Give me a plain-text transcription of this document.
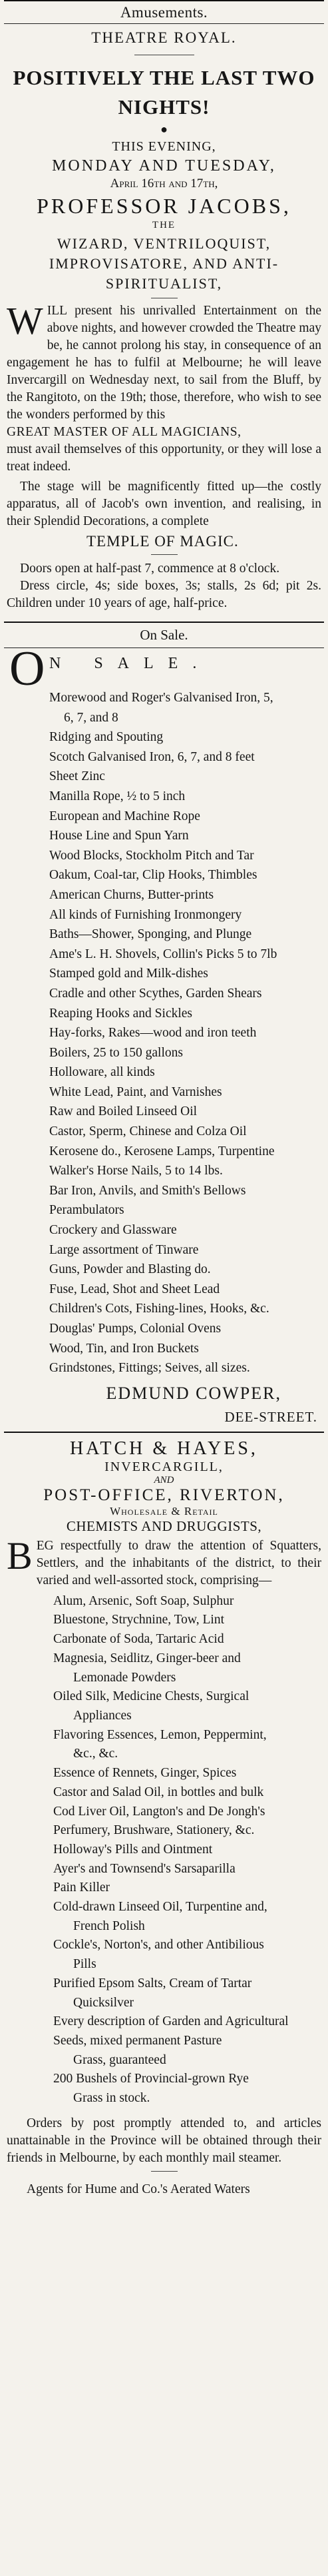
Amusements.
THEATRE ROYAL.
POSITIVELY THE LAST TWO
NIGHTS!
●
THIS EVENING,
MONDAY AND TUESDAY,
April 16th and 17th,
PROFESSOR JACOBS,
THE
WIZARD, VENTRILOQUIST,
IMPROVISATORE, AND ANTI-
SPIRITUALIST,
W ILL present his unrivalled Entertainment on the above nights, and however crowded the Theatre may be, he cannot prolong his stay, in consequence of an engagement he has to fulfil at Melbourne; he will leave Invercargill on Wednesday next, to sail from the Bluff, by the Rangitoto, on the 19th; those, therefore, who wish to see the wonders performed by this
GREAT MASTER OF ALL MAGICIANS,
must avail themselves of this opportunity, or they will lose a treat indeed.

The stage will be magnificently fitted up—the costly apparatus, all of Jacob's own invention, and realising, in their Splendid Decorations, a complete

TEMPLE OF MAGIC.
Doors open at half-past 7, commence at 8 o'clock.
Dress circle, 4s; side boxes, 3s; stalls, 2s 6d; pit 2s. Children under 10 years of age, half-price.
On Sale.
O N SALE.
Morewood and Roger's Galvanised Iron, 5,
6, 7, and 8
Ridging and Spouting
Scotch Galvanised Iron, 6, 7, and 8 feet
Sheet Zinc
Manilla Rope, ½ to 5 inch
European and Machine Rope
House Line and Spun Yarn
Wood Blocks, Stockholm Pitch and Tar
Oakum, Coal-tar, Clip Hooks, Thimbles
American Churns, Butter-prints
All kinds of Furnishing Ironmongery
Baths—Shower, Sponging, and Plunge
Ame's L. H. Shovels, Collin's Picks 5 to 7lb
Stamped gold and Milk-dishes
Cradle and other Scythes, Garden Shears
Reaping Hooks and Sickles
Hay-forks, Rakes—wood and iron teeth
Boilers, 25 to 150 gallons
Holloware, all kinds
White Lead, Paint, and Varnishes
Raw and Boiled Linseed Oil
Castor, Sperm, Chinese and Colza Oil
Kerosene do., Kerosene Lamps, Turpentine
Walker's Horse Nails, 5 to 14 lbs.
Bar Iron, Anvils, and Smith's Bellows
Perambulators
Crockery and Glassware
Large assortment of Tinware
Guns, Powder and Blasting do.
Fuse, Lead, Shot and Sheet Lead
Children's Cots, Fishing-lines, Hooks, &c.
Douglas' Pumps, Colonial Ovens
Wood, Tin, and Iron Buckets
Grindstones, Fittings; Seives, all sizes.
EDMUND COWPER,
DEE-STREET.
HATCH & HAYES,
INVERCARGILL,
AND
POST-OFFICE, RIVERTON,
Wholesale & Retail
CHEMISTS AND DRUGGISTS,
B EG respectfully to draw the attention of Squatters, Settlers, and the inhabitants of the district, to their varied and well-assorted stock, comprising—
Alum, Arsenic, Soft Soap, Sulphur
Bluestone, Strychnine, Tow, Lint
Carbonate of Soda, Tartaric Acid
Magnesia, Seidlitz, Ginger-beer and
Lemonade Powders
Oiled Silk, Medicine Chests, Surgical
Appliances
Flavoring Essences, Lemon, Peppermint,
&c., &c.
Essence of Rennets, Ginger, Spices
Castor and Salad Oil, in bottles and bulk
Cod Liver Oil, Langton's and De Jongh's
Perfumery, Brushware, Stationery, &c.
Holloway's Pills and Ointment
Ayer's and Townsend's Sarsaparilla
Pain Killer
Cold-drawn Linseed Oil, Turpentine and,
French Polish
Cockle's, Norton's, and other Antibilious
Pills
Purified Epsom Salts, Cream of Tartar
Quicksilver
Every description of Garden and Agricultural Seeds, mixed permanent Pasture
Grass, guaranteed
200 Bushels of Provincial-grown Rye
Grass in stock.
Orders by post promptly attended to, and articles unattainable in the Province will be obtained through their friends in Melbourne, by each monthly mail steamer.
Agents for Hume and Co.'s Aerated Waters
